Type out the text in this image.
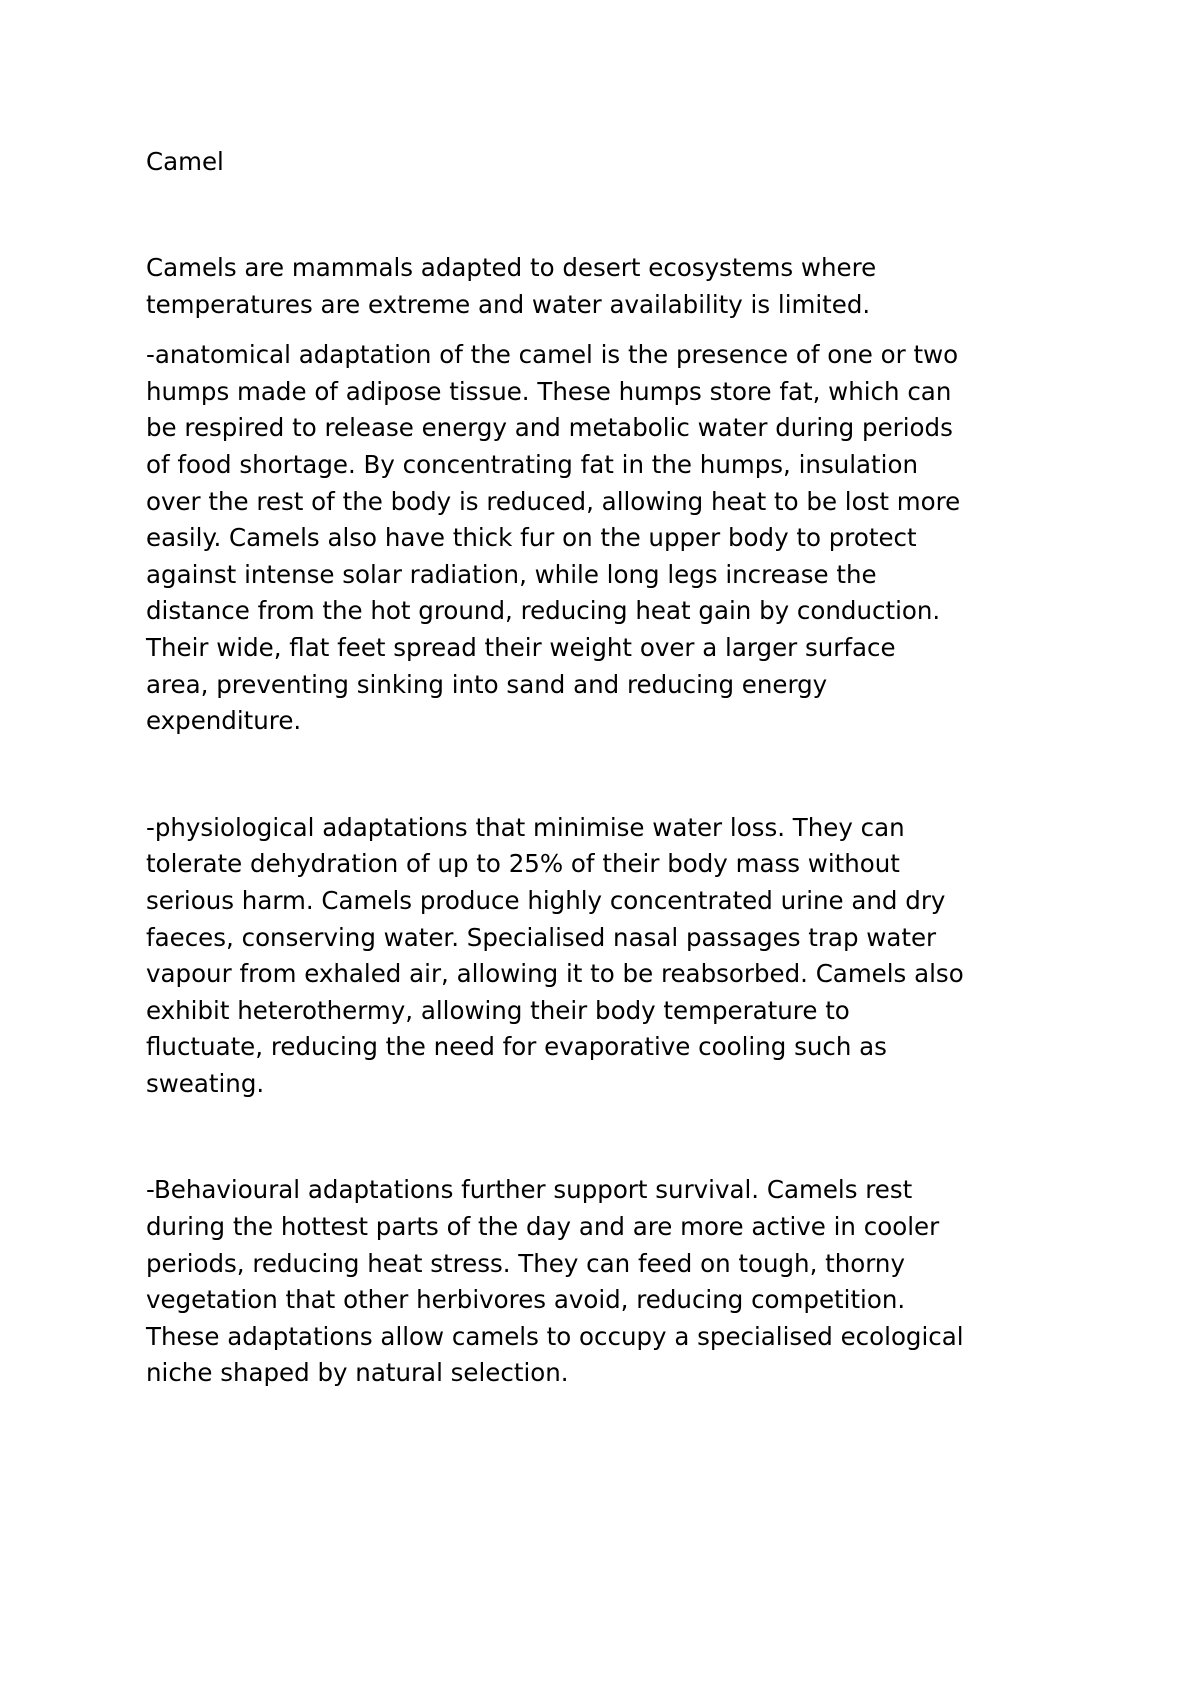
Camel

Camels are mammals adapted to desert ecosystems where
temperatures are extreme and water availability is limited.

-anatomical adaptation of the camel is the presence of one or two
humps made of adipose tissue. These humps store fat, which can
be respired to release energy and metabolic water during periods
of food shortage. By concentrating fat in the humps, insulation
over the rest of the body is reduced, allowing heat to be lost more
easily. Camels also have thick fur on the upper body to protect
against intense solar radiation, while long legs increase the
distance from the hot ground, reducing heat gain by conduction.
Their wide, flat feet spread their weight over a larger surface
area, preventing sinking into sand and reducing energy
expenditure.

-physiological adaptations that minimise water loss. They can
tolerate dehydration of up to 25% of their body mass without
serious harm. Camels produce highly concentrated urine and dry
faeces, conserving water. Specialised nasal passages trap water
vapour from exhaled air, allowing it to be reabsorbed. Camels also
exhibit heterothermy, allowing their body temperature to
fluctuate, reducing the need for evaporative cooling such as
sweating.

-Behavioural adaptations further support survival. Camels rest
during the hottest parts of the day and are more active in cooler
periods, reducing heat stress. They can feed on tough, thorny
vegetation that other herbivores avoid, reducing competition.
These adaptations allow camels to occupy a specialised ecological
niche shaped by natural selection.
